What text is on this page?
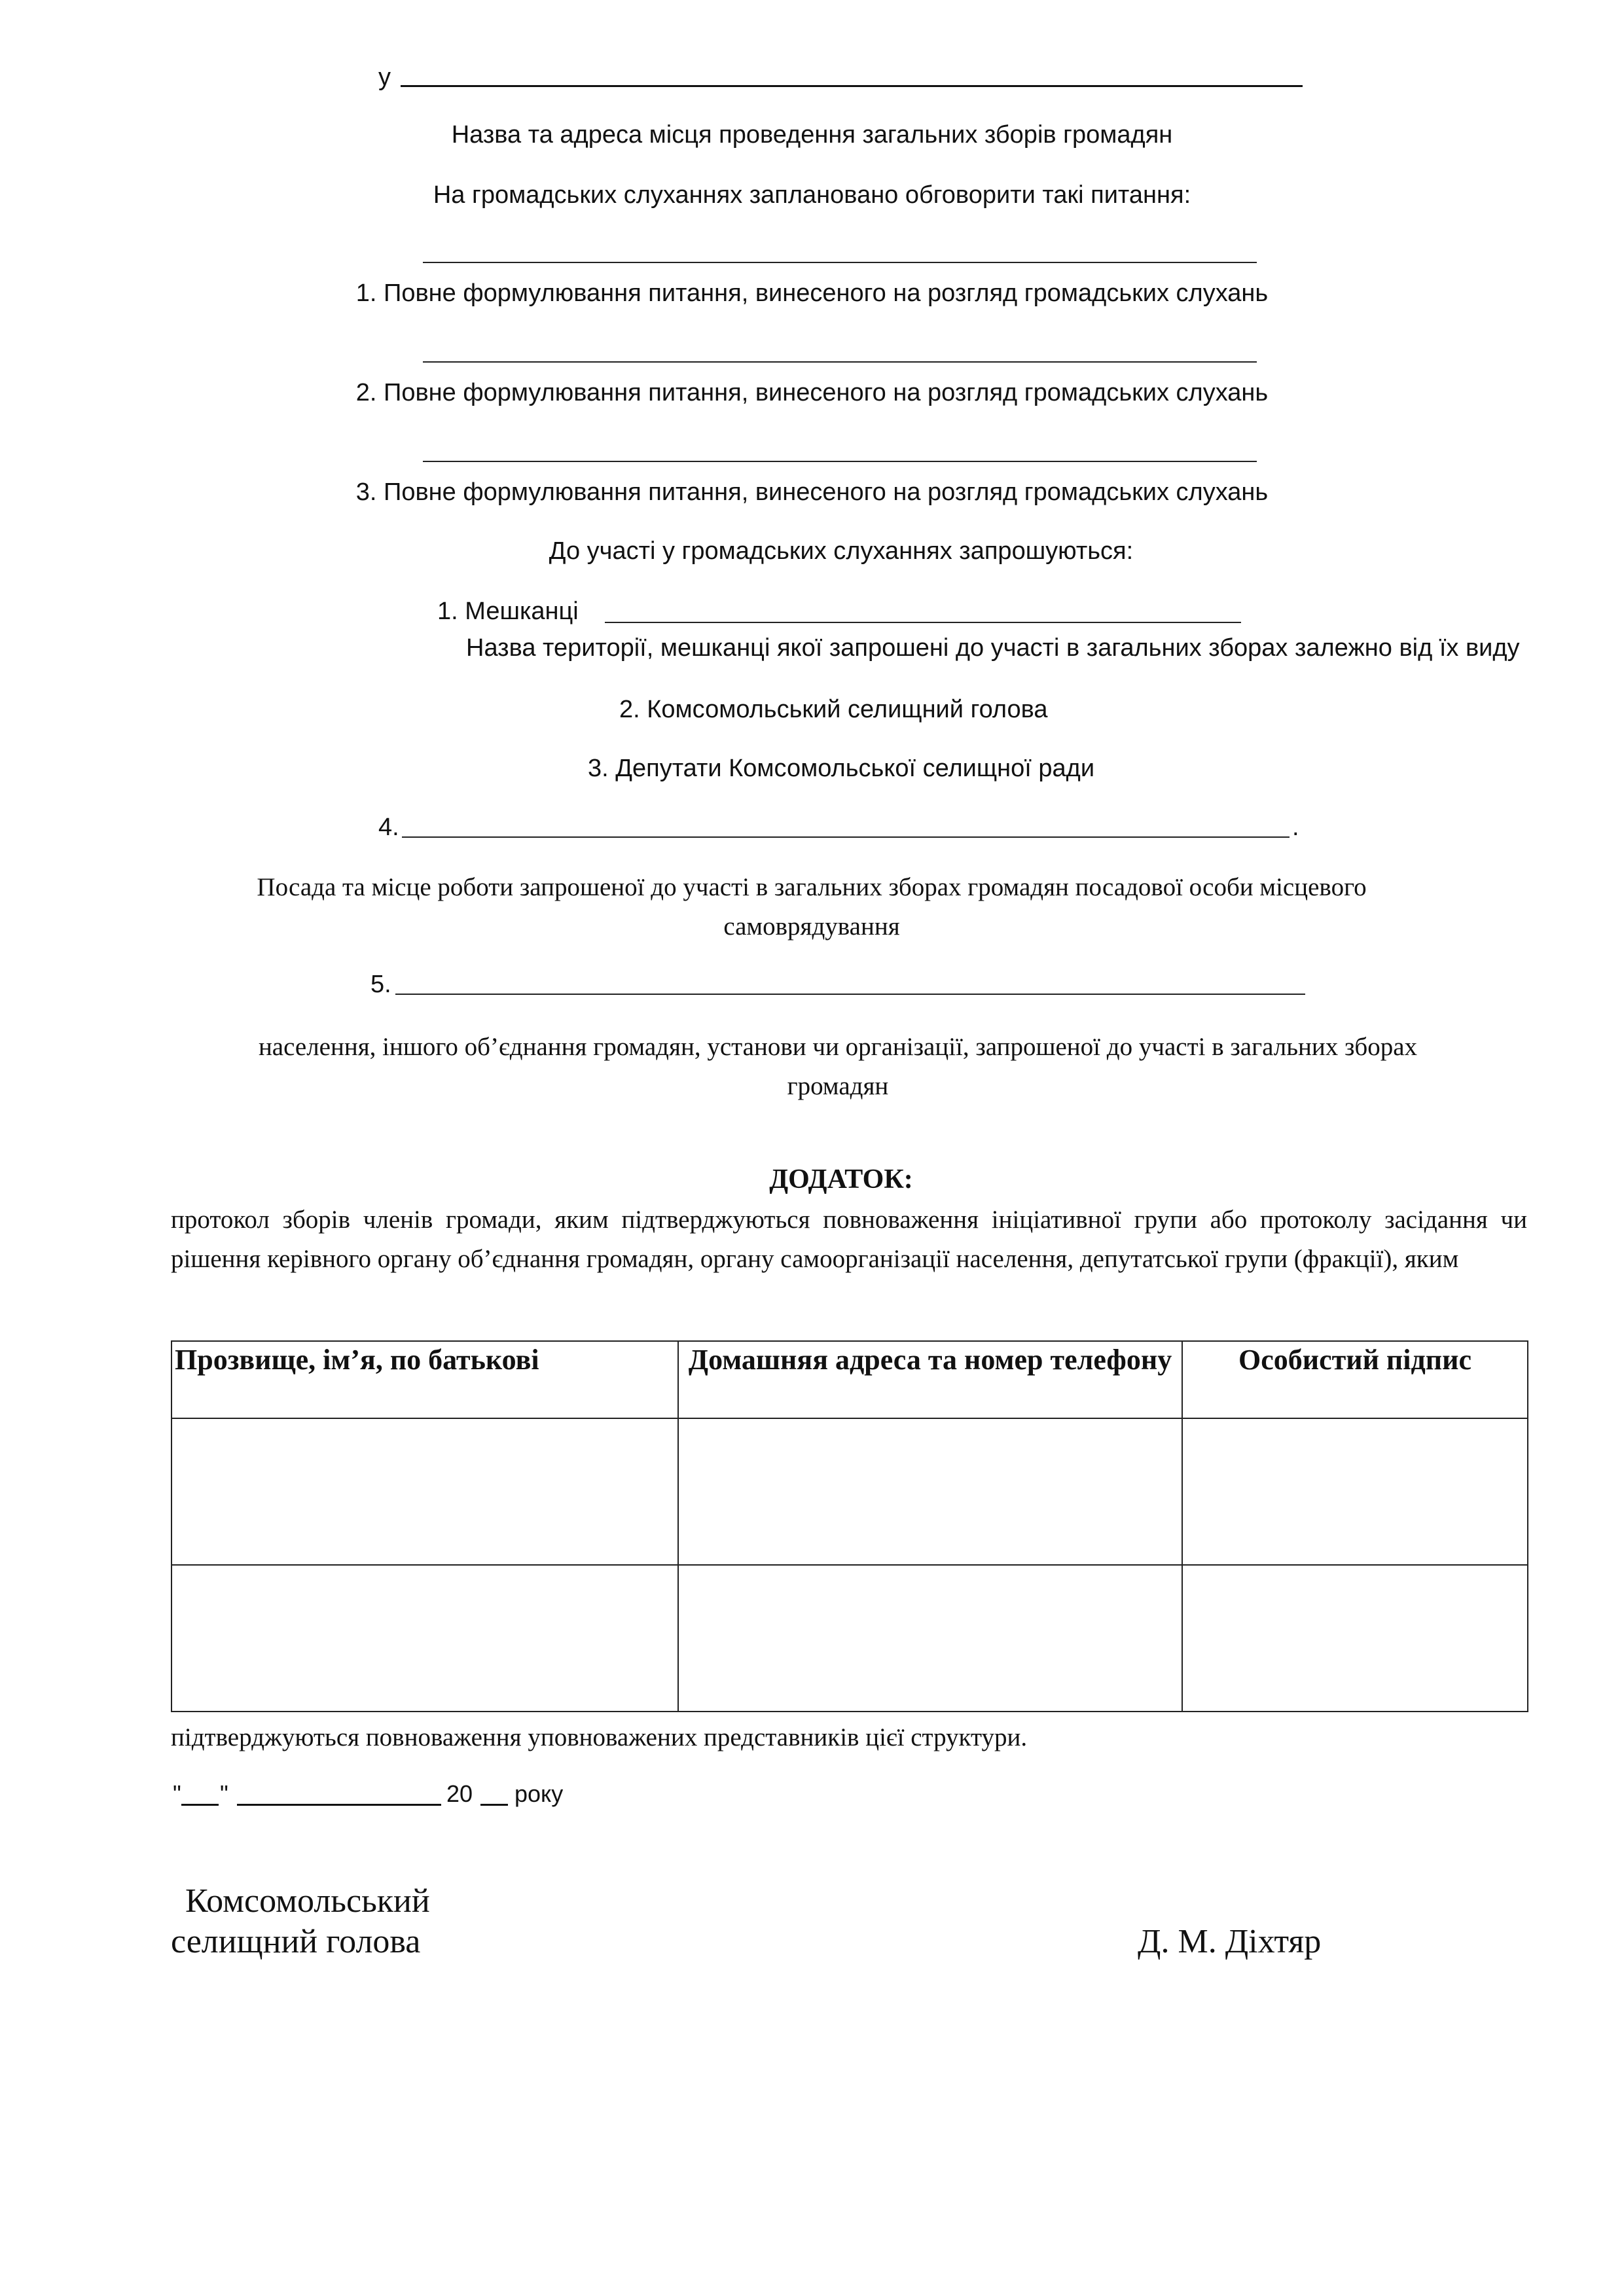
у
Назва та адреса місця проведення загальних зборів громадян
На громадських слуханнях заплановано обговорити такі питання:
1. Повне формулювання питання, винесеного на розгляд громадських слухань
2. Повне формулювання питання, винесеного на розгляд громадських слухань
3. Повне формулювання питання, винесеного на розгляд громадських слухань
До участі у громадських слуханнях запрошуються:
1. Мешканці
Назва території, мешканці якої запрошені до участі в загальних зборах залежно від їх виду
2. Комсомольський селищний голова
3. Депутати Комсомольської селищної ради
4.	.
Посада та місце роботи запрошеної до участі в загальних зборах громадян посадової особи місцевого самоврядування
5.
населення, іншого об’єднання громадян, установи чи організації, запрошеної до участі в загальних зборах громадян
ДОДАТОК:
протокол зборів членів громади, яким підтверджуються повноваження ініціативної групи або протоколу засідання чи рішення керівного органу об’єднання громадян, органу самоорганізації населення, депутатської групи (фракції), яким
Прозвище, ім’я, по батькові	Домашняя адреса та номер телефону	Особистий підпис

підтверджуються повноваження уповноважених представників цієї структури.
" "	20 року
Комсомольський
селищний голова	Д. М. Діхтяр
